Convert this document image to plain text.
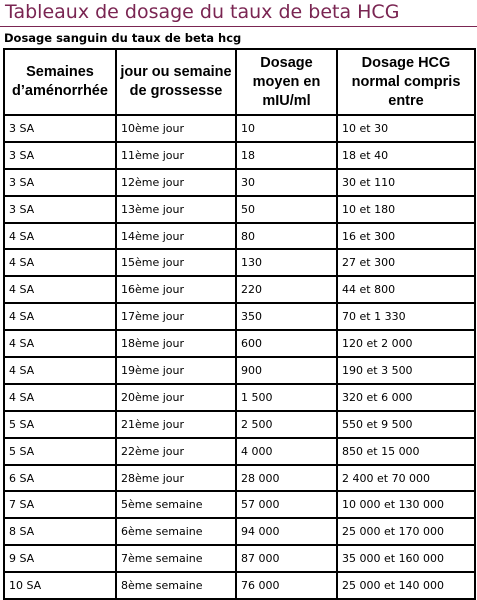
Tableaux de dosage du taux de beta HCG
Dosage sanguin du taux de beta hcg
Semaines d’aménorrhée	jour ou semaine de grossesse	Dosage moyen en mIU/ml	Dosage HCG normal compris entre
3 SA	10ème jour	10	10 et 30
3 SA	11ème jour	18	18 et 40
3 SA	12ème jour	30	30 et 110
3 SA	13ème jour	50	10 et 180
4 SA	14ème jour	80	16 et 300
4 SA	15ème jour	130	27 et 300
4 SA	16ème jour	220	44 et 800
4 SA	17ème jour	350	70 et 1 330
4 SA	18ème jour	600	120 et 2 000
4 SA	19ème jour	900	190 et 3 500
4 SA	20ème jour	1 500	320 et 6 000
5 SA	21ème jour	2 500	550 et 9 500
5 SA	22ème jour	4 000	850 et 15 000
6 SA	28ème jour	28 000	2 400 et 70 000
7 SA	5ème semaine	57 000	10 000 et 130 000
8 SA	6ème semaine	94 000	25 000 et 170 000
9 SA	7ème semaine	87 000	35 000 et 160 000
10 SA	8ème semaine	76 000	25 000 et 140 000
